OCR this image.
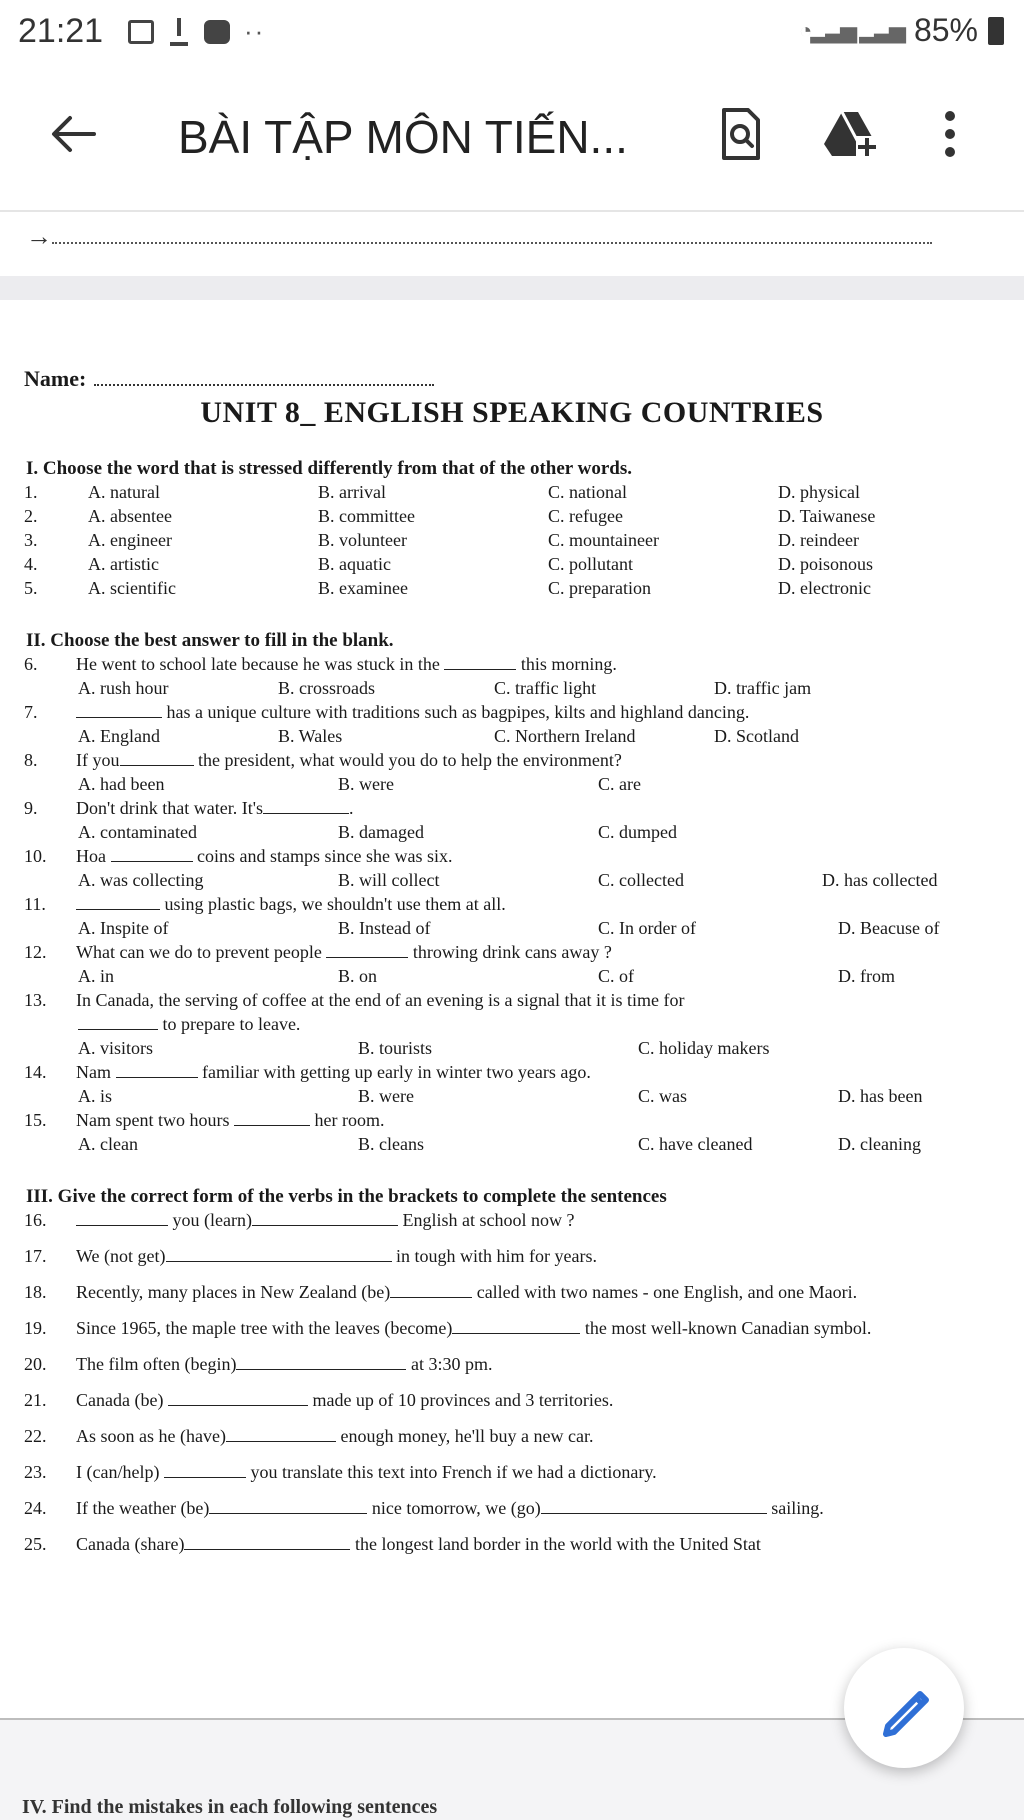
21:21	··	◔▂▃▅ ▂▃▅ 85%
BÀI TẬP MÔN TIẾN...
→
Name:
UNIT 8_ ENGLISH SPEAKING COUNTRIES
I. Choose the word that is stressed differently from that of the other words.
1.	A. natural	B. arrival	C. national	D. physical
2.	A. absentee	B. committee	C. refugee	D. Taiwanese
3.	A. engineer	B. volunteer	C. mountaineer	D. reindeer
4.	A. artistic	B. aquatic	C. pollutant	D. poisonous
5.	A. scientific	B. examinee	C. preparation	D. electronic
II. Choose the best answer to fill in the blank.
6. He went to school late because he was stuck in the	this morning.
A. rush hour	B. crossroads	C. traffic light	D. traffic jam
7.	has a unique culture with traditions such as bagpipes, kilts and highland dancing.
A. England	B. Wales	C. Northern Ireland	D. Scotland
8. If you	the president, what would you do to help the environment?
A. had been	B. were	C. are
9. Don't drink that water. It's	.
A. contaminated	B. damaged	C. dumped
10. Hoa	coins and stamps since she was six.
A. was collecting	B. will collect	C. collected	D. has collected
11.	using plastic bags, we shouldn't use them at all.
A. Inspite of	B. Instead of	C. In order of	D. Beacuse of
12. What can we do to prevent people	throwing drink cans away ?
A. in	B. on	C. of	D. from
13. In Canada, the serving of coffee at the end of an evening is a signal that it is time for
to prepare to leave.
A. visitors	B. tourists	C. holiday makers
14. Nam	familiar with getting up early in winter two years ago.
A. is	B. were	C. was	D. has been
15. Nam spent two hours	her room.
A. clean	B. cleans	C. have cleaned	D. cleaning
III. Give the correct form of the verbs in the brackets to complete the sentences
16.	you (learn)	English at school now ?
17. We (not get)	in tough with him for years.
18. Recently, many places in New Zealand (be)	called with two names - one English, and one Maori.
19. Since 1965, the maple tree with the leaves (become)	the most well-known Canadian symbol.
20. The film often (begin)	at 3:30 pm.
21. Canada (be)	made up of 10 provinces and 3 territories.
22. As soon as he (have)	enough money, he'll buy a new car.
23. I (can/help)	you translate this text into French if we had a dictionary.
24. If the weather (be)	nice tomorrow, we (go)	sailing.
25. Canada (share)	the longest land border in the world with the United Stat
IV. Find the mistakes in each following sentences
